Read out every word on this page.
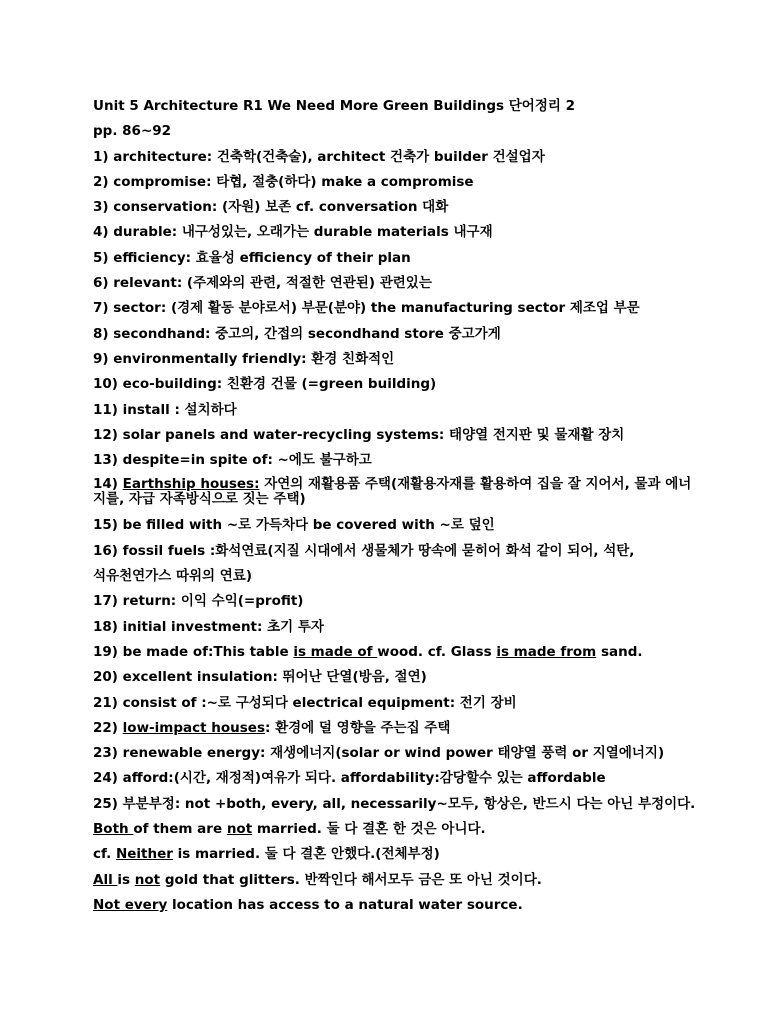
Unit 5 Architecture R1 We Need More Green Buildings 단어정리 2
pp. 86~92
1) architecture: 건축학(건축술), architect 건축가 builder 건설업자
2) compromise: 타협, 절충(하다) make a compromise
3) conservation: (자원) 보존 cf. conversation 대화
4) durable: 내구성있는, 오래가는 durable materials 내구재
5) efficiency: 효율성 efficiency of their plan
6) relevant: (주제와의 관련, 적절한 연관된) 관련있는
7) sector: (경제 활동 분야로서) 부문(분야) the manufacturing sector 제조업 부문
8) secondhand: 중고의, 간접의 secondhand store 중고가게
9) environmentally friendly: 환경 친화적인
10) eco-building: 친환경 건물 (=green building)
11) install : 설치하다
12) solar panels and water-recycling systems: 태양열 전지판 및 물재활 장치
13) despite=in spite of: ~에도 불구하고
14) Earthship houses: 자연의 재활용품 주택(재활용자재를 활용하여 집을 잘 지어서, 물과 에너 지를, 자급 자족방식으로 짓는 주택)
15) be filled with ~로 가득차다 be covered with ~로 덮인
16) fossil fuels :화석연료(지질 시대에서 생물체가 땅속에 묻히어 화석 같이 되어, 석탄,
석유천연가스 따위의 연료)
17) return: 이익 수익(=profit)
18) initial investment: 초기 투자
19) be made of:This table is made of wood. cf. Glass is made from sand.
20) excellent insulation: 뛰어난 단열(방음, 절연)
21) consist of :~로 구성되다 electrical equipment: 전기 장비
22) low-impact houses: 환경에 덜 영향을 주는집 주택
23) renewable energy: 재생에너지(solar or wind power 태양열 풍력 or 지열에너지)
24) afford:(시간, 재정적)여유가 되다. affordability:감당할수 있는 affordable
25) 부분부정: not +both, every, all, necessarily~모두, 항상은, 반드시 다는 아닌 부정이다.
Both of them are not married. 둘 다 결혼 한 것은 아니다.
cf. Neither is married. 둘 다 결혼 안했다.(전체부정)
All is not gold that glitters. 반짝인다 해서모두 금은 또 아닌 것이다.
Not every location has access to a natural water source.
